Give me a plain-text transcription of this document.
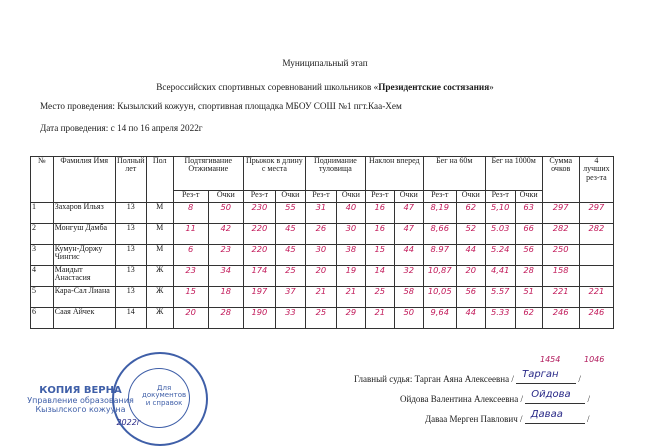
Муниципальный этап
Всероссийских спортивных соревнований школьников «Президентские состязания»
Место проведения: Кызылский кожуун, спортивная площадка МБОУ СОШ №1 пгт.Каа-Хем
Дата проведения: с 14 по 16 апреля 2022г
№	Фамилия Имя	Полный лет	Пол	Подтягивание Отжимание		Прыжок в длину с места		Поднимание туловища		Наклон вперед		Бег на 60м		Бег на 1000м		Сумма очков	4 лучших рез-та
				Рез-т	Очки	Рез-т	Очки	Рез-т	Очки	Рез-т	Очки	Рез-т	Очки	Рез-т	Очки		
1	Захаров Ильяз	13	М	8	50	230	55	31	40	16	47	8,19	62	5,10	63	297	297
2	Монгуш Дамба	13	М	11	42	220	45	26	30	16	47	8,66	52	5.03	66	282	282
3	Кумун-Доржу Чингис	13	М	6	23	220	45	30	38	15	44	8.97	44	5.24	56	250	
4	Маидыт Анастасия	13	Ж	23	34	174	25	20	19	14	32	10,87	20	4,41	28	158	
5	Кара-Сал Лиана	13	Ж	15	18	197	37	21	21	25	58	10,05	56	5.57	51	221	221
6	Саая Айчек	14	Ж	20	28	190	33	25	29	21	50	9,64	44	5.33	62	246	246
1454	1046
Главный судья: Тарган Аяна Алексеевна / Тарган /
Ойдова Валентина Алексеевна / Ойдова /
Даваа Мерген Павлович / Даваа	/
Для
документов
и справок
КОПИЯ ВЕРНА
Управление образования
Кызылского кожууна
2022г
